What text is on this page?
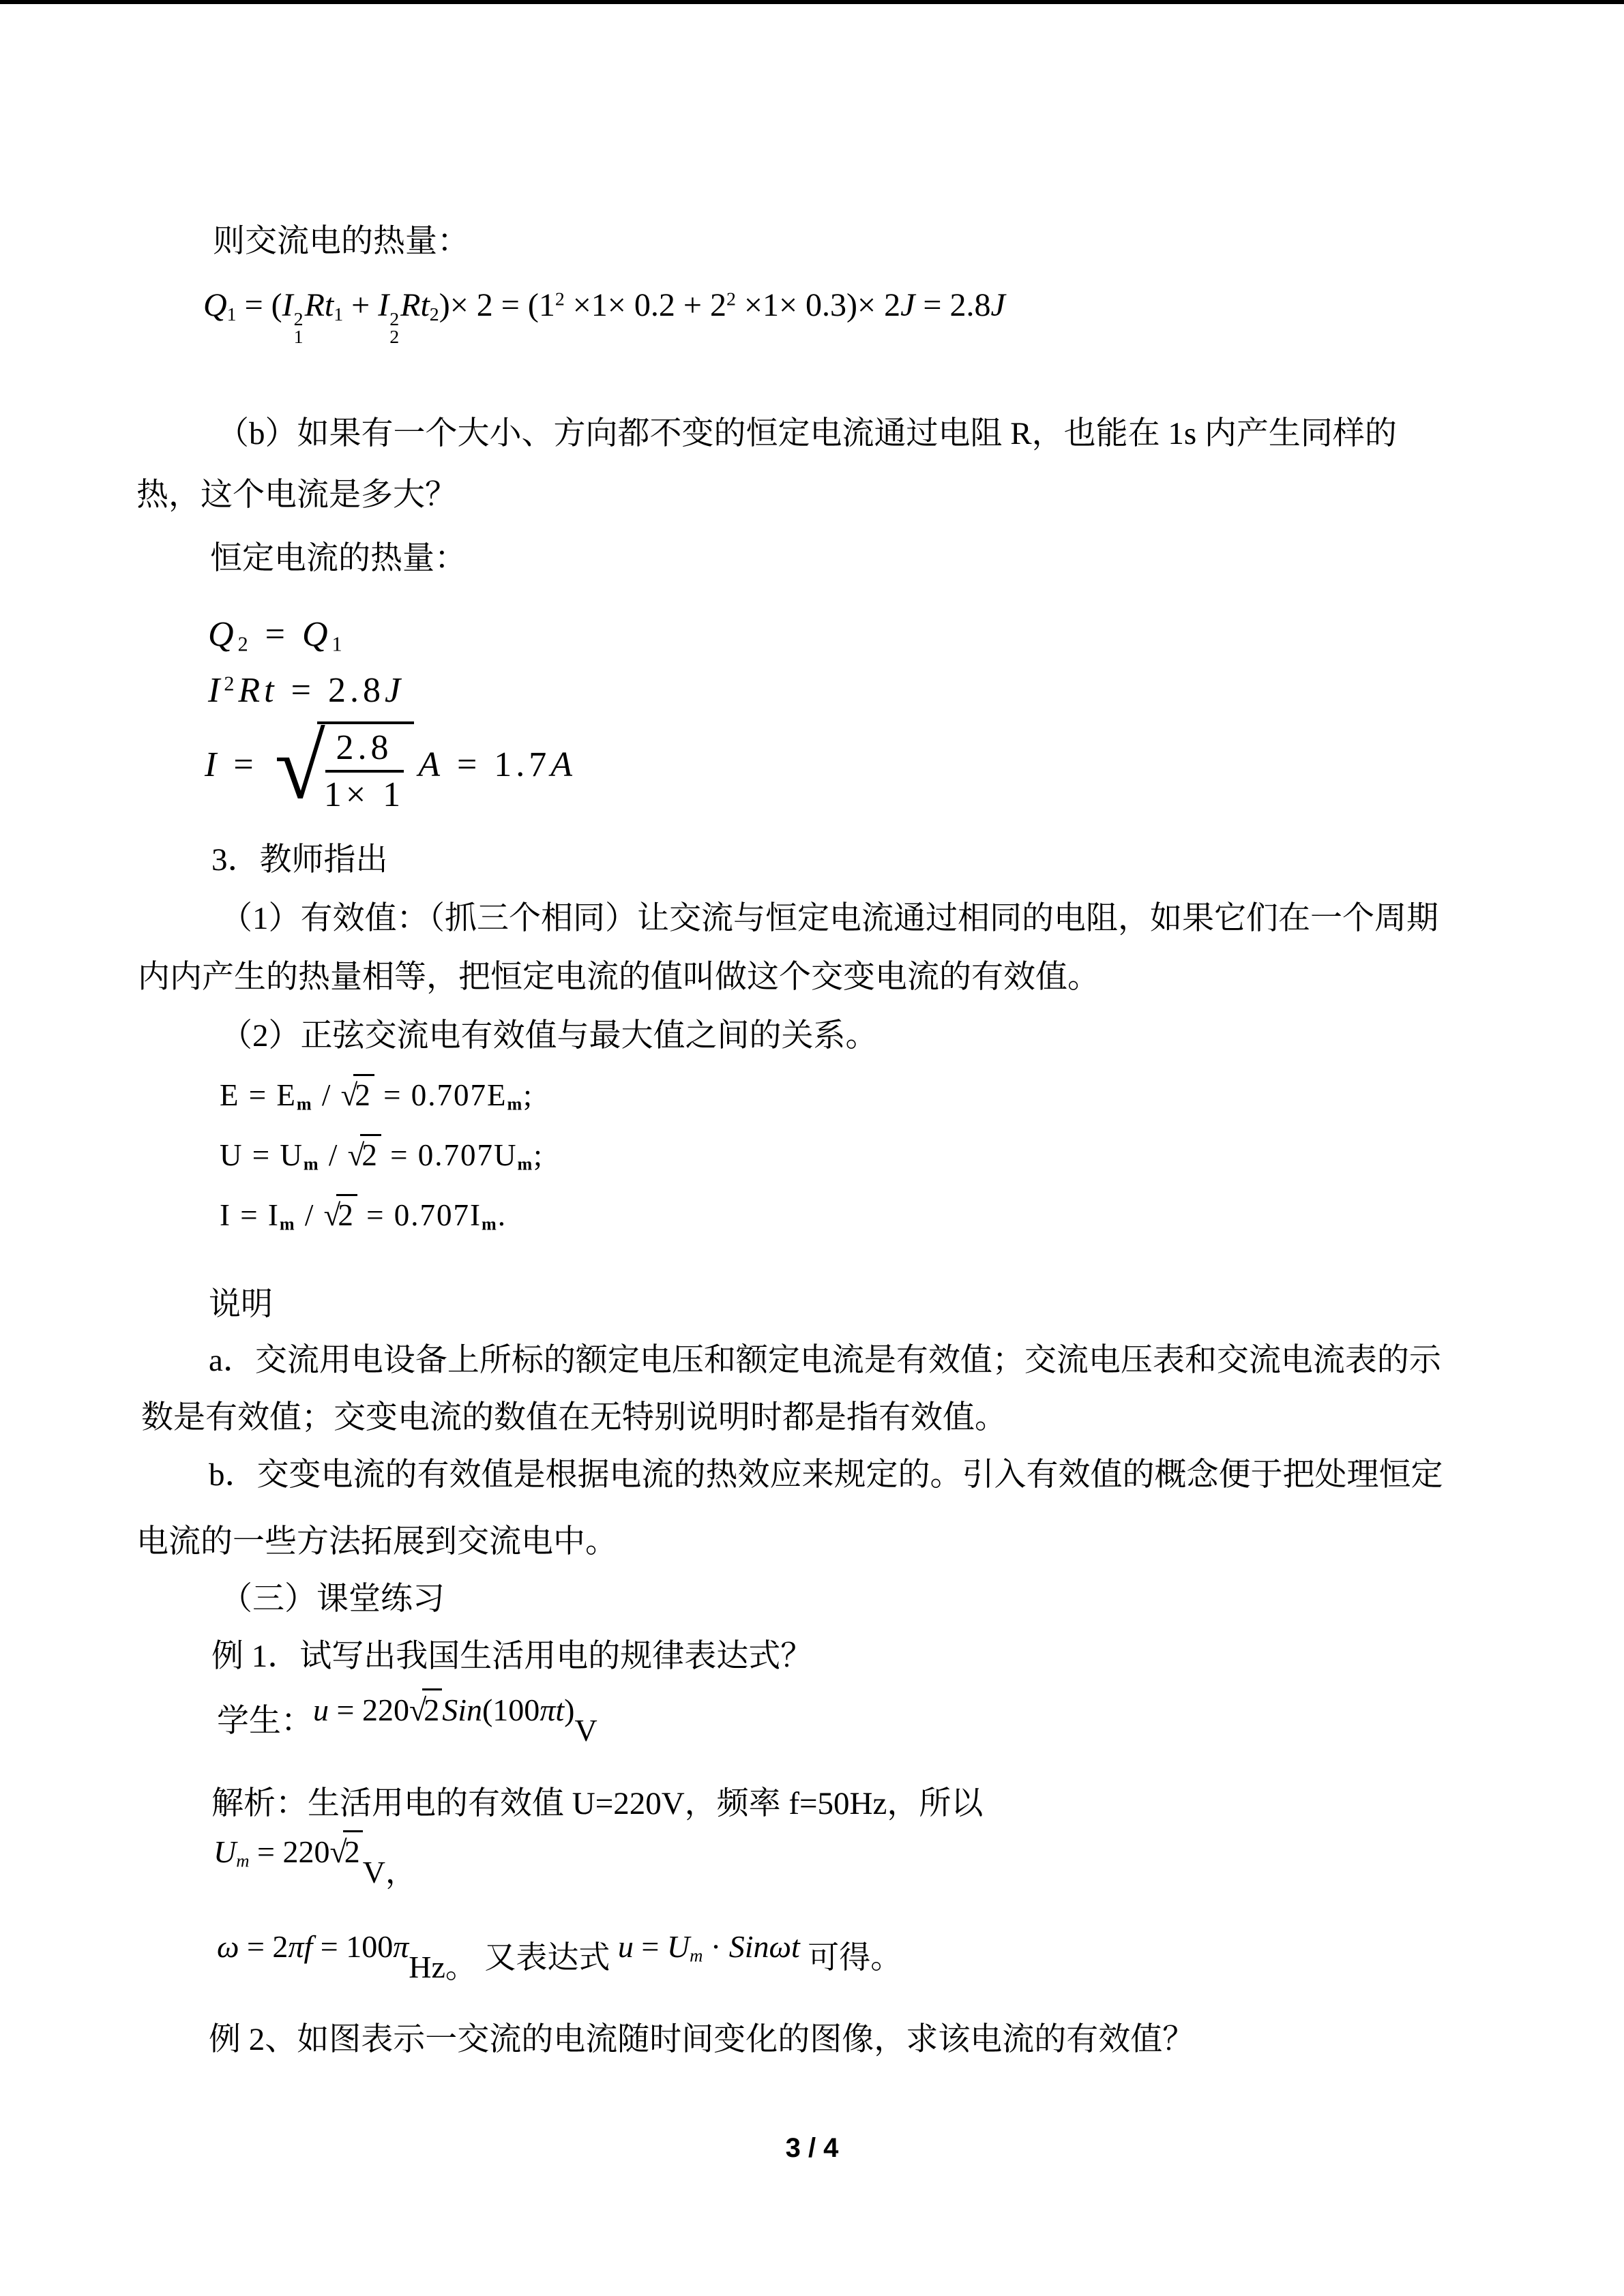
则交流电的热量：
Q1 = (I 2
1
Rt1 + I 2
2
$Rt2)\times 2 = (1^2 \times 1\times 0.2 + 2^2 \times 1\times 0.3)\times 2J = 2.8J$
（b）如果有一个大小、方向都不变的恒定电流通过电阻 R，也能在 1s 内产生同样的
热，这个电流是多大？
恒定电流的热量：
Q2 = Q1
$I^2Rt = 2.8J$
I = √
$\frac{2.8}{1\times 1}$ A = 1.7A
3．教师指出
（1）有效值：（抓三个相同）让交流与恒定电流通过相同的电阻，如果它们在一个周期
内内产生的热量相等，把恒定电流的值叫做这个交变电流的有效值。
（2）正弦交流电有效值与最大值之间的关系。
E = Em / √2 = 0.707Em;
U = Um / √2 = 0.707Um;
I = Im / √2 = 0.707Im.
说明
a．交流用电设备上所标的额定电压和额定电流是有效值；交流电压表和交流电流表的示
数是有效值；交变电流的数值在无特别说明时都是指有效值。
b．交变电流的有效值是根据电流的热效应来规定的。引入有效值的概念便于把处理恒定
电流的一些方法拓展到交流电中。
（三）课堂练习
例 1．试写出我国生活用电的规律表达式？
学生：u = 220√2Sin(100πt)V
解析：生活用电的有效值 U=220V，频率 f=50Hz，所以
Um = 220√2V，
ω = 2πf = 100πHz。 又表达式 u = Um · Sinωt 可得。
例 2、如图表示一交流的电流随时间变化的图像，求该电流的有效值？
3 / 4
